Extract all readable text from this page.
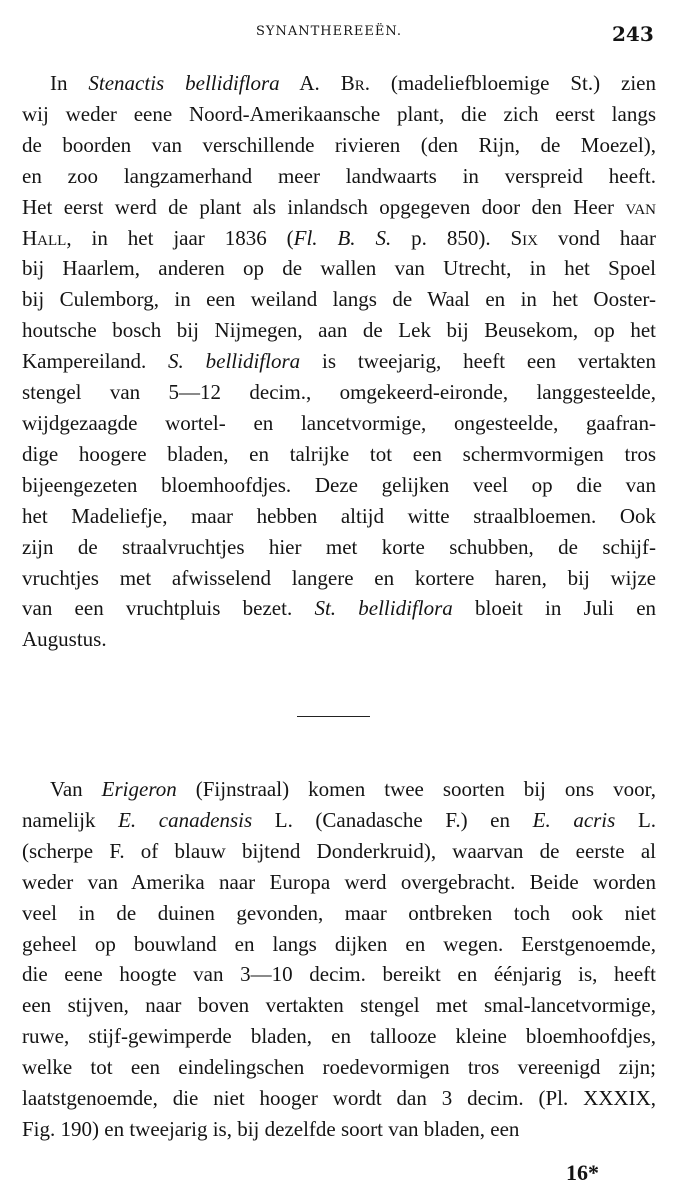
SYNANTHEREEËN.	243
In Stenactis bellidiflora A. Br. (madeliefbloemige St.) zien
wij weder eene Noord-Amerikaansche plant, die zich eerst langs
de boorden van verschillende rivieren (den Rijn, de Moezel),
en zoo langzamerhand meer landwaarts in verspreid heeft.
Het eerst werd de plant als inlandsch opgegeven door den Heer van
Hall, in het jaar 1836 (Fl. B. S. p. 850). Six vond haar
bij Haarlem, anderen op de wallen van Utrecht, in het Spoel
bij Culemborg, in een weiland langs de Waal en in het Ooster-
houtsche bosch bij Nijmegen, aan de Lek bij Beusekom, op het
Kampereiland. S. bellidiflora is tweejarig, heeft een vertakten
stengel van 5—12 decim., omgekeerd-eironde, langgesteelde,
wijdgezaagde wortel- en lancetvormige, ongesteelde, gaafran-
dige hoogere bladen, en talrijke tot een schermvormigen tros
bijeengezeten bloemhoofdjes. Deze gelijken veel op die van
het Madeliefje, maar hebben altijd witte straalbloemen. Ook
zijn de straalvruchtjes hier met korte schubben, de schijf-
vruchtjes met afwisselend langere en kortere haren, bij wijze
van een vruchtpluis bezet. St. bellidiflora bloeit in Juli en
Augustus.
Van Erigeron (Fijnstraal) komen twee soorten bij ons voor,
namelijk E. canadensis L. (Canadasche F.) en E. acris L.
(scherpe F. of blauw bijtend Donderkruid), waarvan de eerste al
weder van Amerika naar Europa werd overgebracht. Beide worden
veel in de duinen gevonden, maar ontbreken toch ook niet
geheel op bouwland en langs dijken en wegen. Eerstgenoemde,
die eene hoogte van 3—10 decim. bereikt en éénjarig is, heeft
een stijven, naar boven vertakten stengel met smal-lancetvormige,
ruwe, stijf-gewimperde bladen, en tallooze kleine bloemhoofdjes,
welke tot een eindelingschen roedevormigen tros vereenigd zijn;
laatstgenoemde, die niet hooger wordt dan 3 decim. (Pl. XXXIX,
Fig. 190) en tweejarig is, bij dezelfde soort van bladen, een
16*
